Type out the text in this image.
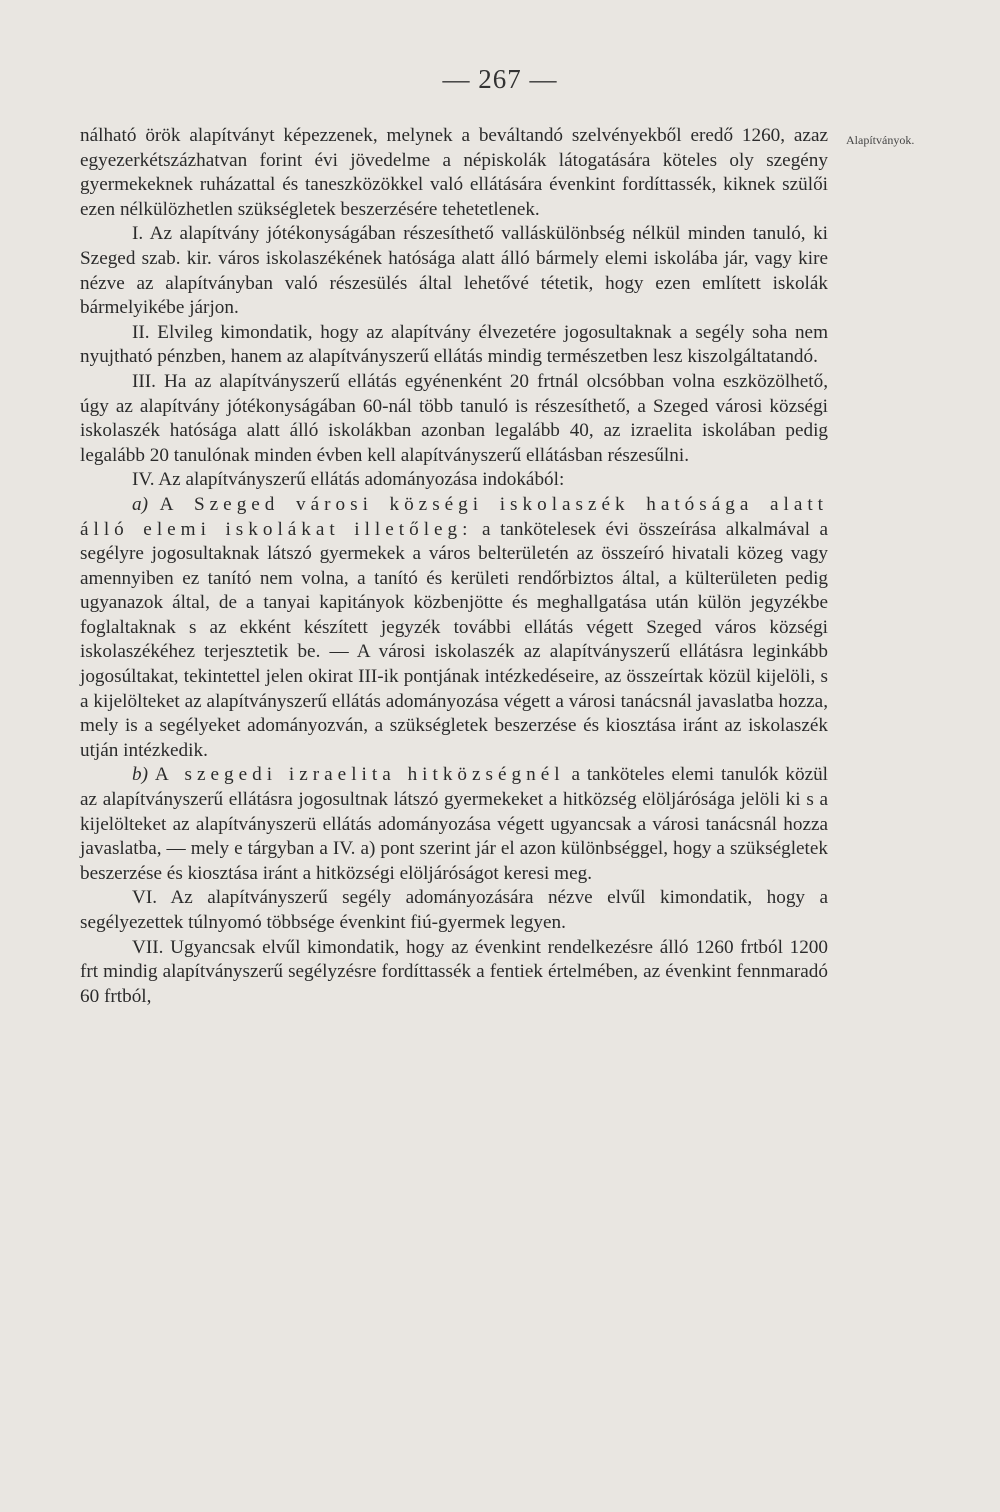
— 267 —
Alapítványok.

nálható örök alapítványt képezzenek, melynek a beváltandó szelvényekből eredő 1260, azaz egyezerkétszázhatvan forint évi jövedelme a népiskolák látogatására köteles oly szegény gyermekeknek ruházattal és taneszközökkel való ellátására évenkint fordíttassék, kiknek szülői ezen nélkülözhetlen szükségletek beszerzésére tehetetlenek.

I. Az alapítvány jótékonyságában részesíthető valláskülönbség nélkül minden tanuló, ki Szeged szab. kir. város iskolaszékének hatósága alatt álló bármely elemi iskolába jár, vagy kire nézve az alapítványban való részesülés által lehetővé tétetik, hogy ezen említett iskolák bármelyikébe járjon.

II. Elvileg kimondatik, hogy az alapítvány élvezetére jogosultaknak a segély soha nem nyujtható pénzben, hanem az alapítványszerű ellátás mindig természetben lesz kiszolgáltatandó.

III. Ha az alapítványszerű ellátás egyénenként 20 frtnál olcsóbban volna eszközölhető, úgy az alapítvány jótékonyságában 60-nál több tanuló is részesíthető, a Szeged városi községi iskolaszék hatósága alatt álló iskolákban azonban legalább 40, az izraelita iskolában pedig legalább 20 tanulónak minden évben kell alapítványszerű ellátásban részesűlni.

IV. Az alapítványszerű ellátás adományozása indokából:

a) A Szeged városi községi iskolaszék hatósága alatt álló elemi iskolákat illetőleg: a tankötelesek évi összeírása alkalmával a segélyre jogosultaknak látszó gyermekek a város belterületén az összeíró hivatali közeg vagy amennyiben ez tanító nem volna, a tanító és kerületi rendőrbiztos által, a külterületen pedig ugyanazok által, de a tanyai kapitányok közbenjötte és meghallgatása után külön jegyzékbe foglaltaknak s az ekként készített jegyzék további ellátás végett Szeged város községi iskolaszékéhez terjesztetik be. — A városi iskolaszék az alapítványszerű ellátásra leginkább jogosúltakat, tekintettel jelen okirat III-ik pontjának intézkedéseire, az összeírtak közül kijelöli, s a kijelölteket az alapítványszerű ellátás adományozása végett a városi tanácsnál javaslatba hozza, mely is a segélyeket adományozván, a szükségletek beszerzése és kiosztása iránt az iskolaszék utján intézkedik.

b) A szegedi izraelita hitközségnél a tanköteles elemi tanulók közül az alapítványszerű ellátásra jogosultnak látszó gyermekeket a hitközség elöljárósága jelöli ki s a kijelölteket az alapítványszerü ellátás adományozása végett ugyancsak a városi tanácsnál hozza javaslatba, — mely e tárgyban a IV. a) pont szerint jár el azon különbséggel, hogy a szükségletek beszerzése és kiosztása iránt a hitközségi elöljáróságot keresi meg.

VI. Az alapítványszerű segély adományozására nézve elvűl kimondatik, hogy a segélyezettek túlnyomó többsége évenkint fiú-gyermek legyen.

VII. Ugyancsak elvűl kimondatik, hogy az évenkint rendelkezésre álló 1260 frtból 1200 frt mindig alapítványszerű segélyzésre fordíttassék a fentiek értelmében, az évenkint fennmaradó 60 frtból,
